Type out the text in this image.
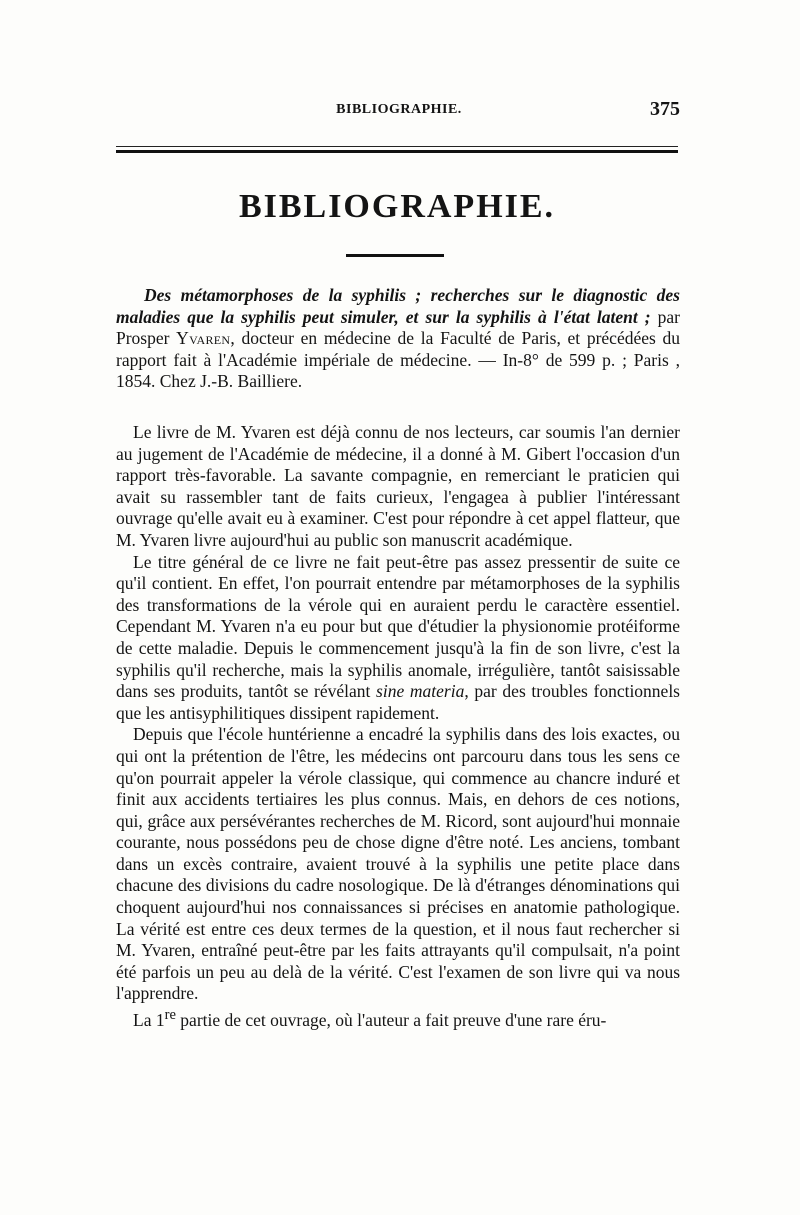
BIBLIOGRAPHIE.	375
BIBLIOGRAPHIE.
Des métamorphoses de la syphilis ; recherches sur le diagnostic des maladies que la syphilis peut simuler, et sur la syphilis à l'état latent ; par Prosper Yvaren, docteur en médecine de la Faculté de Paris, et précédées du rapport fait à l'Académie impériale de médecine. — In-8° de 599 p. ; Paris , 1854. Chez J.-B. Bailliere.

Le livre de M. Yvaren est déjà connu de nos lecteurs, car soumis l'an dernier au jugement de l'Académie de médecine, il a donné à M. Gibert l'occasion d'un rapport très-favorable. La savante compagnie, en remerciant le praticien qui avait su rassembler tant de faits curieux, l'engagea à publier l'intéressant ouvrage qu'elle avait eu à examiner. C'est pour répondre à cet appel flatteur, que M. Yvaren livre aujourd'hui au public son manuscrit académique.

Le titre général de ce livre ne fait peut-être pas assez pressentir de suite ce qu'il contient. En effet, l'on pourrait entendre par métamorphoses de la syphilis des transformations de la vérole qui en auraient perdu le caractère essentiel. Cependant M. Yvaren n'a eu pour but que d'étudier la physionomie protéiforme de cette maladie. Depuis le commencement jusqu'à la fin de son livre, c'est la syphilis qu'il recherche, mais la syphilis anomale, irrégulière, tantôt saisissable dans ses produits, tantôt se révélant sine materia, par des troubles fonctionnels que les antisyphilitiques dissipent rapidement.

Depuis que l'école huntérienne a encadré la syphilis dans des lois exactes, ou qui ont la prétention de l'être, les médecins ont parcouru dans tous les sens ce qu'on pourrait appeler la vérole classique, qui commence au chancre induré et finit aux accidents tertiaires les plus connus. Mais, en dehors de ces notions, qui, grâce aux persévérantes recherches de M. Ricord, sont aujourd'hui monnaie courante, nous possédons peu de chose digne d'être noté. Les anciens, tombant dans un excès contraire, avaient trouvé à la syphilis une petite place dans chacune des divisions du cadre nosologique. De là d'étranges dénominations qui choquent aujourd'hui nos connaissances si précises en anatomie pathologique. La vérité est entre ces deux termes de la question, et il nous faut rechercher si M. Yvaren, entraîné peut-être par les faits attrayants qu'il compulsait, n'a point été parfois un peu au delà de la vérité. C'est l'examen de son livre qui va nous l'apprendre.

La 1re partie de cet ouvrage, où l'auteur a fait preuve d'une rare éru-
